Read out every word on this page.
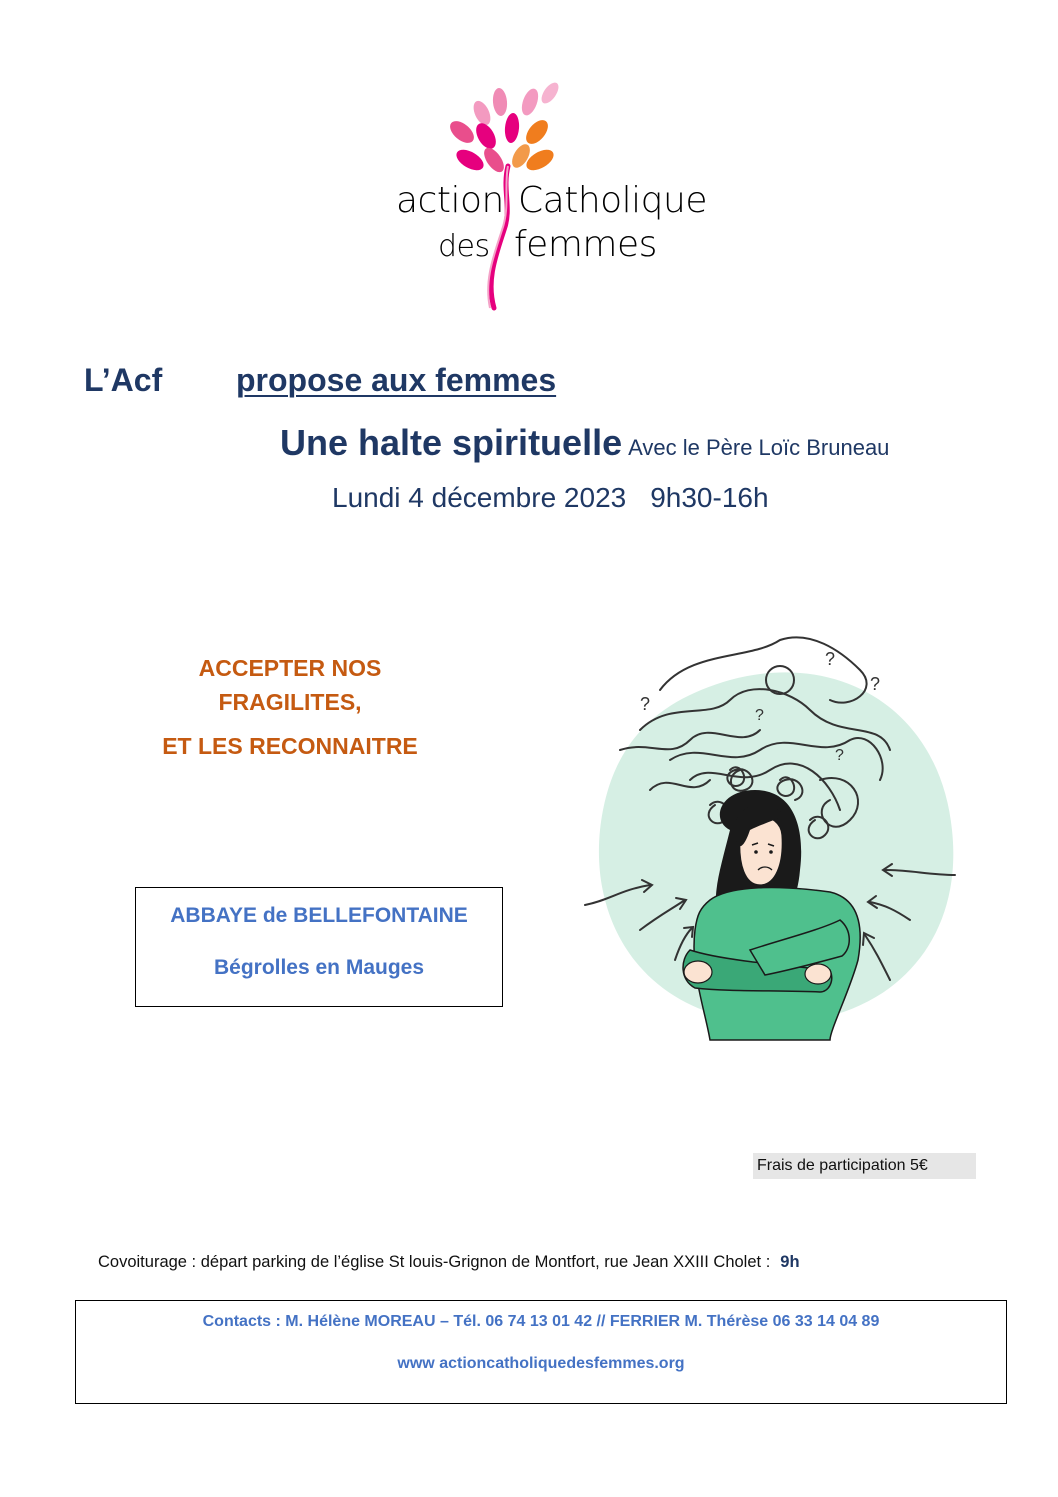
action Catholique
des femmes
L’Acf propose aux femmes
Une halte spirituelle Avec le Père Loïc Bruneau
Lundi 4 décembre 2023 9h30-16h
ACCEPTER NOS FRAGILITES,
ET LES RECONNAITRE
ABBAYE de BELLEFONTAINE
Bégrolles en Mauges
?
?
?
?
?
Frais de participation 5€
Covoiturage : départ parking de l’église St louis-Grignon de Montfort, rue Jean XXIII Cholet : 9h
Contacts : M. Hélène MOREAU – Tél. 06 74 13 01 42 // FERRIER M. Thérèse 06 33 14 04 89
www actioncatholiquedesfemmes.org
